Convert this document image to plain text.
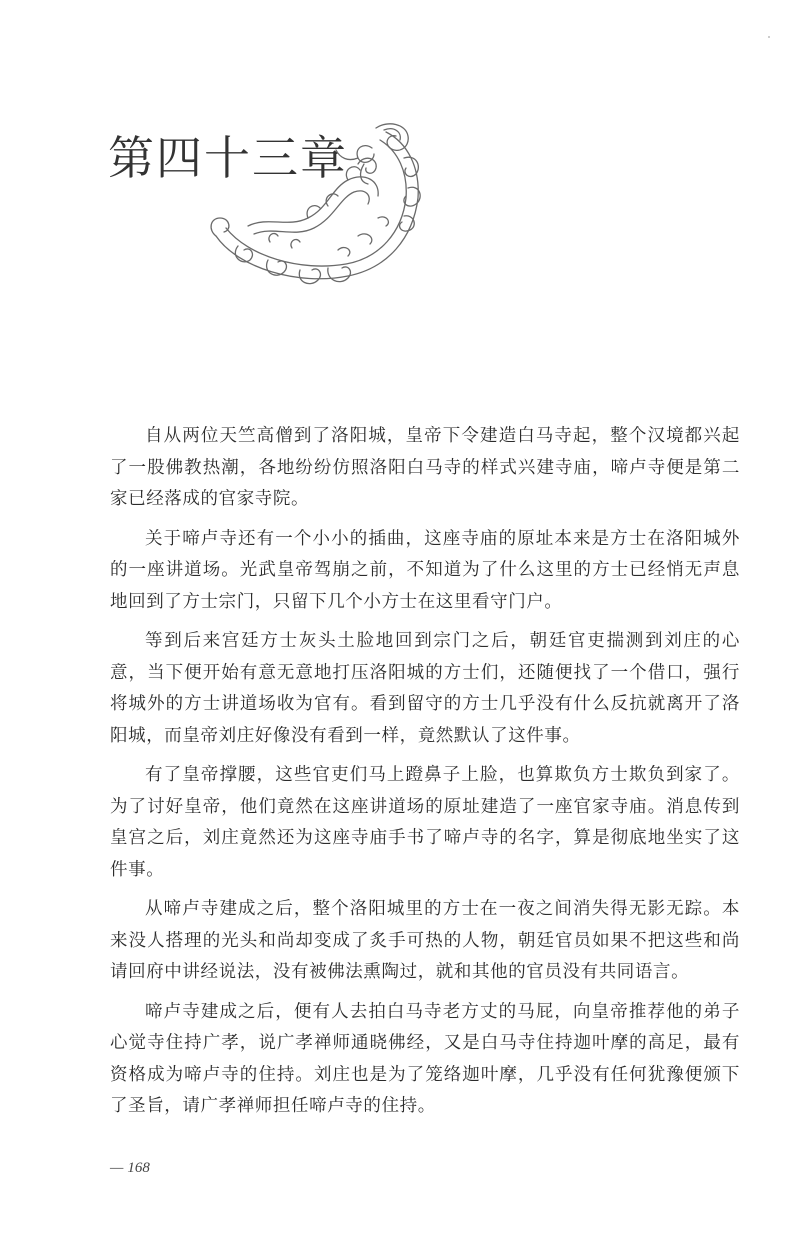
第四十三章

自从两位天竺高僧到了洛阳城，皇帝下令建造白马寺起，整个汉境都兴起了一股佛教热潮，各地纷纷仿照洛阳白马寺的样式兴建寺庙，啼卢寺便是第二家已经落成的官家寺院。

关于啼卢寺还有一个小小的插曲，这座寺庙的原址本来是方士在洛阳城外的一座讲道场。光武皇帝驾崩之前，不知道为了什么这里的方士已经悄无声息地回到了方士宗门，只留下几个小方士在这里看守门户。

等到后来宫廷方士灰头土脸地回到宗门之后，朝廷官吏揣测到刘庄的心意，当下便开始有意无意地打压洛阳城的方士们，还随便找了一个借口，强行将城外的方士讲道场收为官有。看到留守的方士几乎没有什么反抗就离开了洛阳城，而皇帝刘庄好像没有看到一样，竟然默认了这件事。

有了皇帝撑腰，这些官吏们马上蹬鼻子上脸，也算欺负方士欺负到家了。为了讨好皇帝，他们竟然在这座讲道场的原址建造了一座官家寺庙。消息传到皇宫之后，刘庄竟然还为这座寺庙手书了啼卢寺的名字，算是彻底地坐实了这件事。

从啼卢寺建成之后，整个洛阳城里的方士在一夜之间消失得无影无踪。本来没人搭理的光头和尚却变成了炙手可热的人物，朝廷官员如果不把这些和尚请回府中讲经说法，没有被佛法熏陶过，就和其他的官员没有共同语言。

啼卢寺建成之后，便有人去拍白马寺老方丈的马屁，向皇帝推荐他的弟子心觉寺住持广孝，说广孝禅师通晓佛经，又是白马寺住持迦叶摩的高足，最有资格成为啼卢寺的住持。刘庄也是为了笼络迦叶摩，几乎没有任何犹豫便颁下了圣旨，请广孝禅师担任啼卢寺的住持。

— 168
